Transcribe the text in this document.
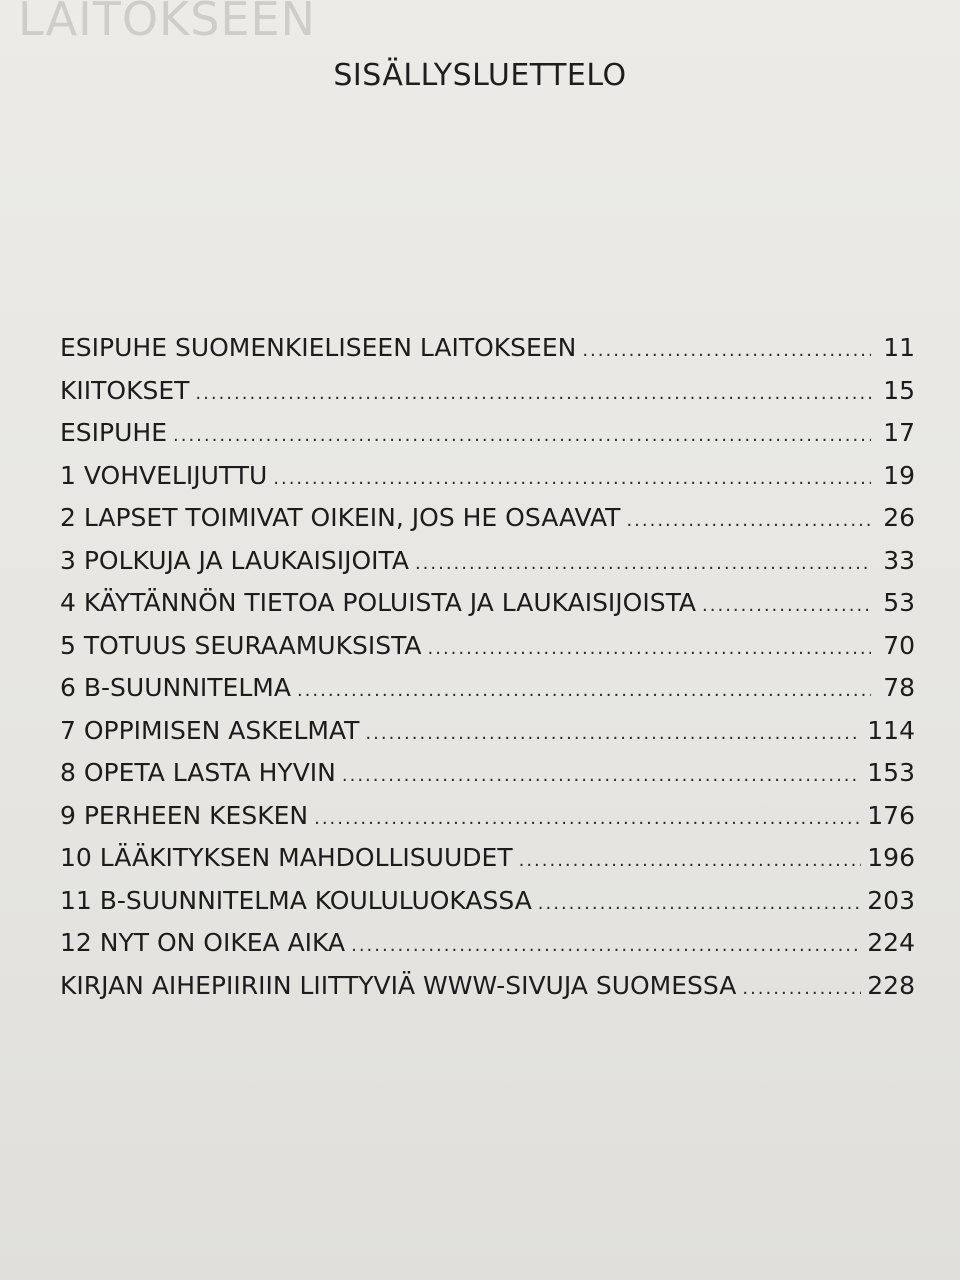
LAITOKSEEN
SISÄLLYSLUETTELO
ESIPUHE SUOMENKIELISEEN LAITOKSEEN .....	11
KIITOKSET .....	15
ESIPUHE .....	17
1 VOHVELIJUTTU .....	19
2 LAPSET TOIMIVAT OIKEIN, JOS HE OSAAVAT .....	26
3 POLKUJA JA LAUKAISIJOITA .....	33
4 KÄYTÄNNÖN TIETOA POLUISTA JA LAUKAISIJOISTA .....	53
5 TOTUUS SEURAAMUKSISTA .....	70
6 B-SUUNNITELMA .....	78
7 OPPIMISEN ASKELMAT .....	114
8 OPETA LASTA HYVIN .....	153
9 PERHEEN KESKEN .....	176
10 LÄÄKITYKSEN MAHDOLLISUUDET .....	196
11 B-SUUNNITELMA KOULULUOKASSA .....	203
12 NYT ON OIKEA AIKA .....	224
KIRJAN AIHEPIIRIIN LIITTYVIÄ WWW-SIVUJA SUOMESSA .....	228
